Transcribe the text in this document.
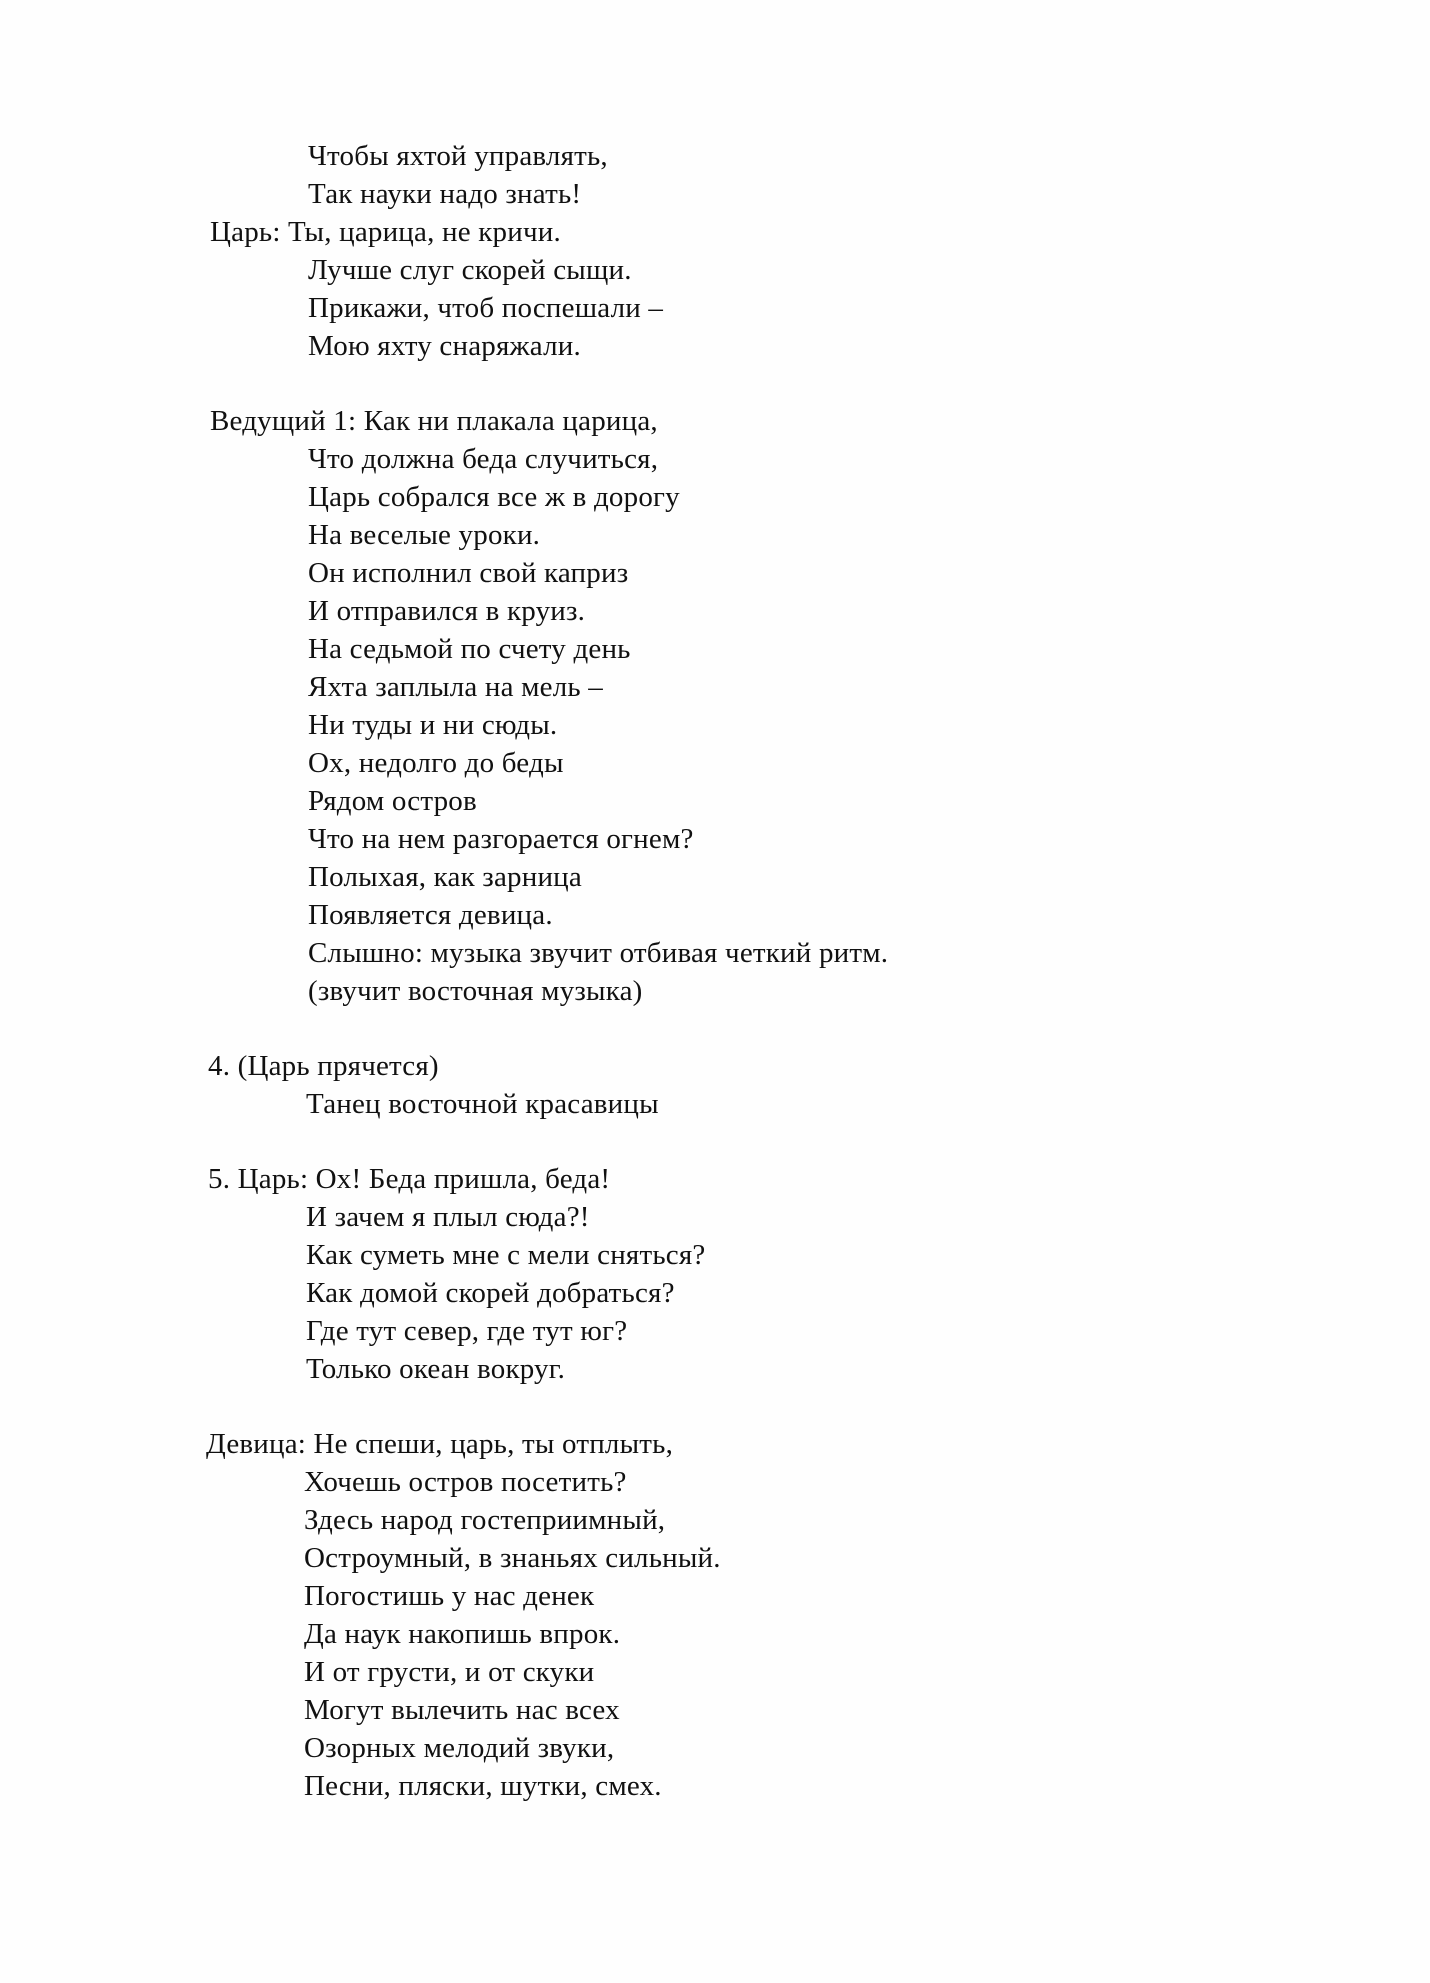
Чтобы яхтой управлять,
Так науки надо знать!
Царь: Ты, царица, не кричи.
Лучше слуг скорей сыщи.
Прикажи, чтоб поспешали –
Мою яхту снаряжали.
Ведущий 1: Как ни плакала царица,
Что должна беда случиться,
Царь собрался все ж в дорогу
На веселые уроки.
Он исполнил свой каприз
И отправился в круиз.
На седьмой по счету день
Яхта заплыла на мель –
Ни туды и ни сюды.
Ох, недолго до беды
Рядом остров
Что на нем разгорается огнем?
Полыхая, как зарница
Появляется девица.
Слышно: музыка звучит отбивая четкий ритм.
(звучит восточная музыка)
4. (Царь прячется)
Танец восточной красавицы
5. Царь: Ох! Беда пришла, беда!
И зачем я плыл сюда?!
Как суметь мне с мели сняться?
Как домой скорей добраться?
Где тут север, где тут юг?
Только океан вокруг.
Девица: Не спеши, царь, ты отплыть,
Хочешь остров посетить?
Здесь народ гостеприимный,
Остроумный, в знаньях сильный.
Погостишь у нас денек
Да наук накопишь впрок.
И от грусти, и от скуки
Могут вылечить нас всех
Озорных мелодий звуки,
Песни, пляски, шутки, смех.
